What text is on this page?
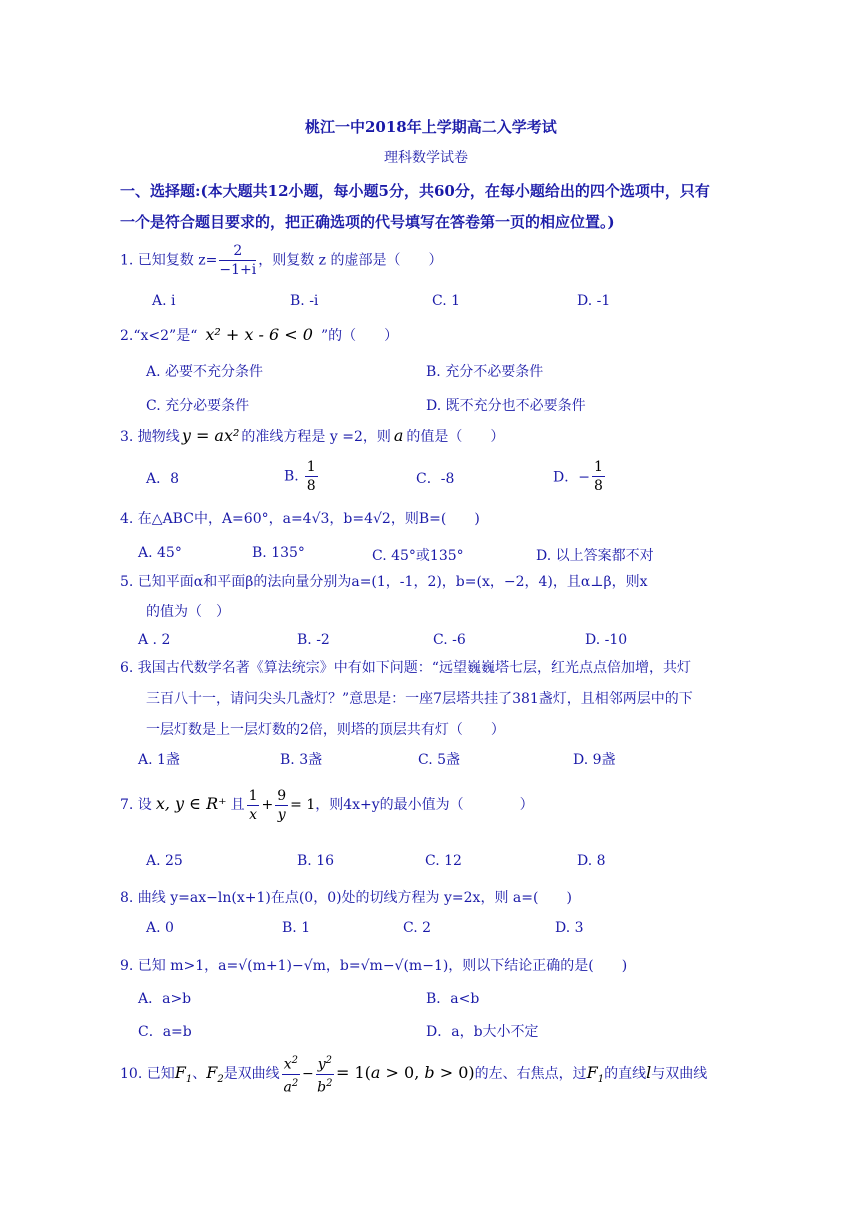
桃江一中2018年上学期高二入学考试
理科数学试卷
一、选择题:(本大题共12小题，每小题5分，共60分，在每小题给出的四个选项中，只有
一个是符合题目要求的，把正确选项的代号填写在答卷第一页的相应位置。)
1. 已知复数 $z= \frac{2}{-1+i}$ ，则复数 z 的虚部是（　　）
A. i	B. -i	C. 1	D. -1
2.“x<2”是“ x² + x - 6 < 0 ”的（　　）
A. 必要不充分条件	B. 充分不必要条件
C. 充分必要条件	D. 既不充分也不必要条件
3. 抛物线 y = ax² 的准线方程是 y =2，则 a 的值是（　　）
A．8	B. $\frac{1}{8}$	C．-8	D．− $\frac{1}{8}$
4. 在△ABC中，A=60°，a=4√3，b=4√2，则B=(　　)
A. 45°	B. 135°	C. 45°或135°	D. 以上答案都不对
5. 已知平面α和平面β的法向量分别为a=(1，-1，2)，b=(x，−2，4)，且α⊥β，则x
的值为（　）
A . 2	B. -2	C. -6	D. -10
6. 我国古代数学名著《算法统宗》中有如下问题：“远望巍巍塔七层，红光点点倍加增，共灯
三百八十一，请问尖头几盏灯？”意思是：一座7层塔共挂了381盏灯，且相邻两层中的下
一层灯数是上一层灯数的2倍，则塔的顶层共有灯（　　）
A. 1盏	B. 3盏	C. 5盏	D. 9盏
7. 设 x, y ∈ R⁺ 且 $\frac{1}{x} + \frac{9}{y} = 1$，则4x+y的最小值为（　　　　）
A. 25	B. 16	C. 12	D. 8
8. 曲线 y=ax−ln(x+1)在点(0，0)处的切线方程为 y=2x，则 a=(　　)
A. 0	B. 1	C. 2	D. 3
9. 已知 m>1，a=√(m+1)−√m，b=√m−√(m−1)，则以下结论正确的是(　　)
A．a>b	B．a<b
C．a=b	D．a，b大小不定
10. 已知$F_1$、$F_2$是双曲线 $\frac{x^2}{a^2} - \frac{y^2}{b^2} = 1(a > 0$, b > 0)的左、右焦点，过$F_1$的直线l与双曲线
